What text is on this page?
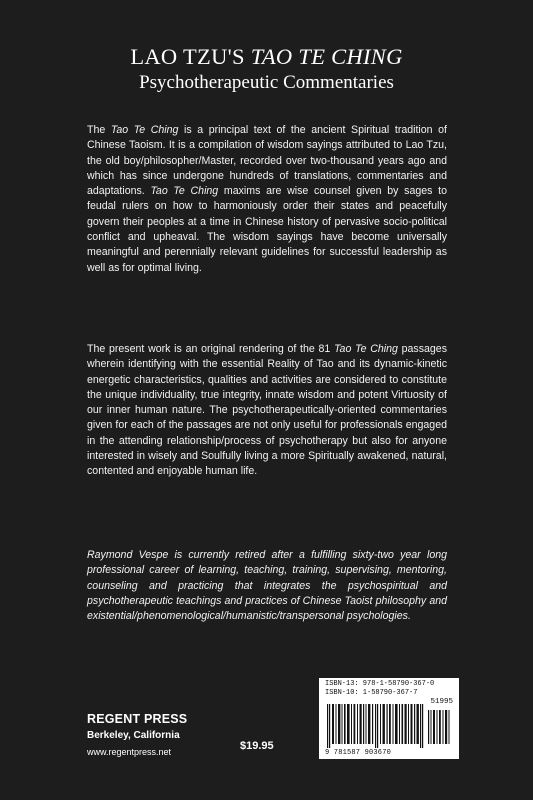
LAO TZU'S TAO TE CHING
Psychotherapeutic Commentaries
The Tao Te Ching is a principal text of the ancient Spiritual tradition of Chinese Taoism. It is a compilation of wisdom sayings attributed to Lao Tzu, the old boy/philosopher/Master, recorded over two-thousand years ago and which has since undergone hundreds of translations, commentaries and adaptations. Tao Te Ching maxims are wise counsel given by sages to feudal rulers on how to harmoniously order their states and peacefully govern their peoples at a time in Chinese history of pervasive socio-political conflict and upheaval. The wisdom sayings have become universally meaningful and perennially relevant guidelines for successful leadership as well as for optimal living.
The present work is an original rendering of the 81 Tao Te Ching passages wherein identifying with the essential Reality of Tao and its dynamic-kinetic energetic characteristics, qualities and activities are considered to constitute the unique individuality, true integrity, innate wisdom and potent Virtuosity of our inner human nature. The psychotherapeutically-oriented commentaries given for each of the passages are not only useful for professionals engaged in the attending relationship/process of psychotherapy but also for anyone interested in wisely and Soulfully living a more Spiritually awakened, natural, contented and enjoyable human life.
Raymond Vespe is currently retired after a fulfilling sixty-two year long professional career of learning, teaching, training, supervising, mentoring, counseling and practicing that integrates the psychospiritual and psychotherapeutic teachings and practices of Chinese Taoist philosophy and existential/phenomenological/humanistic/transpersonal psychologies.
REGENT PRESS
Berkeley, California
www.regentpress.net	$19.95
ISBN-13: 978-1-58790-367-0
ISBN-10: 1-58790-367-7
51995
9 781587 903670
